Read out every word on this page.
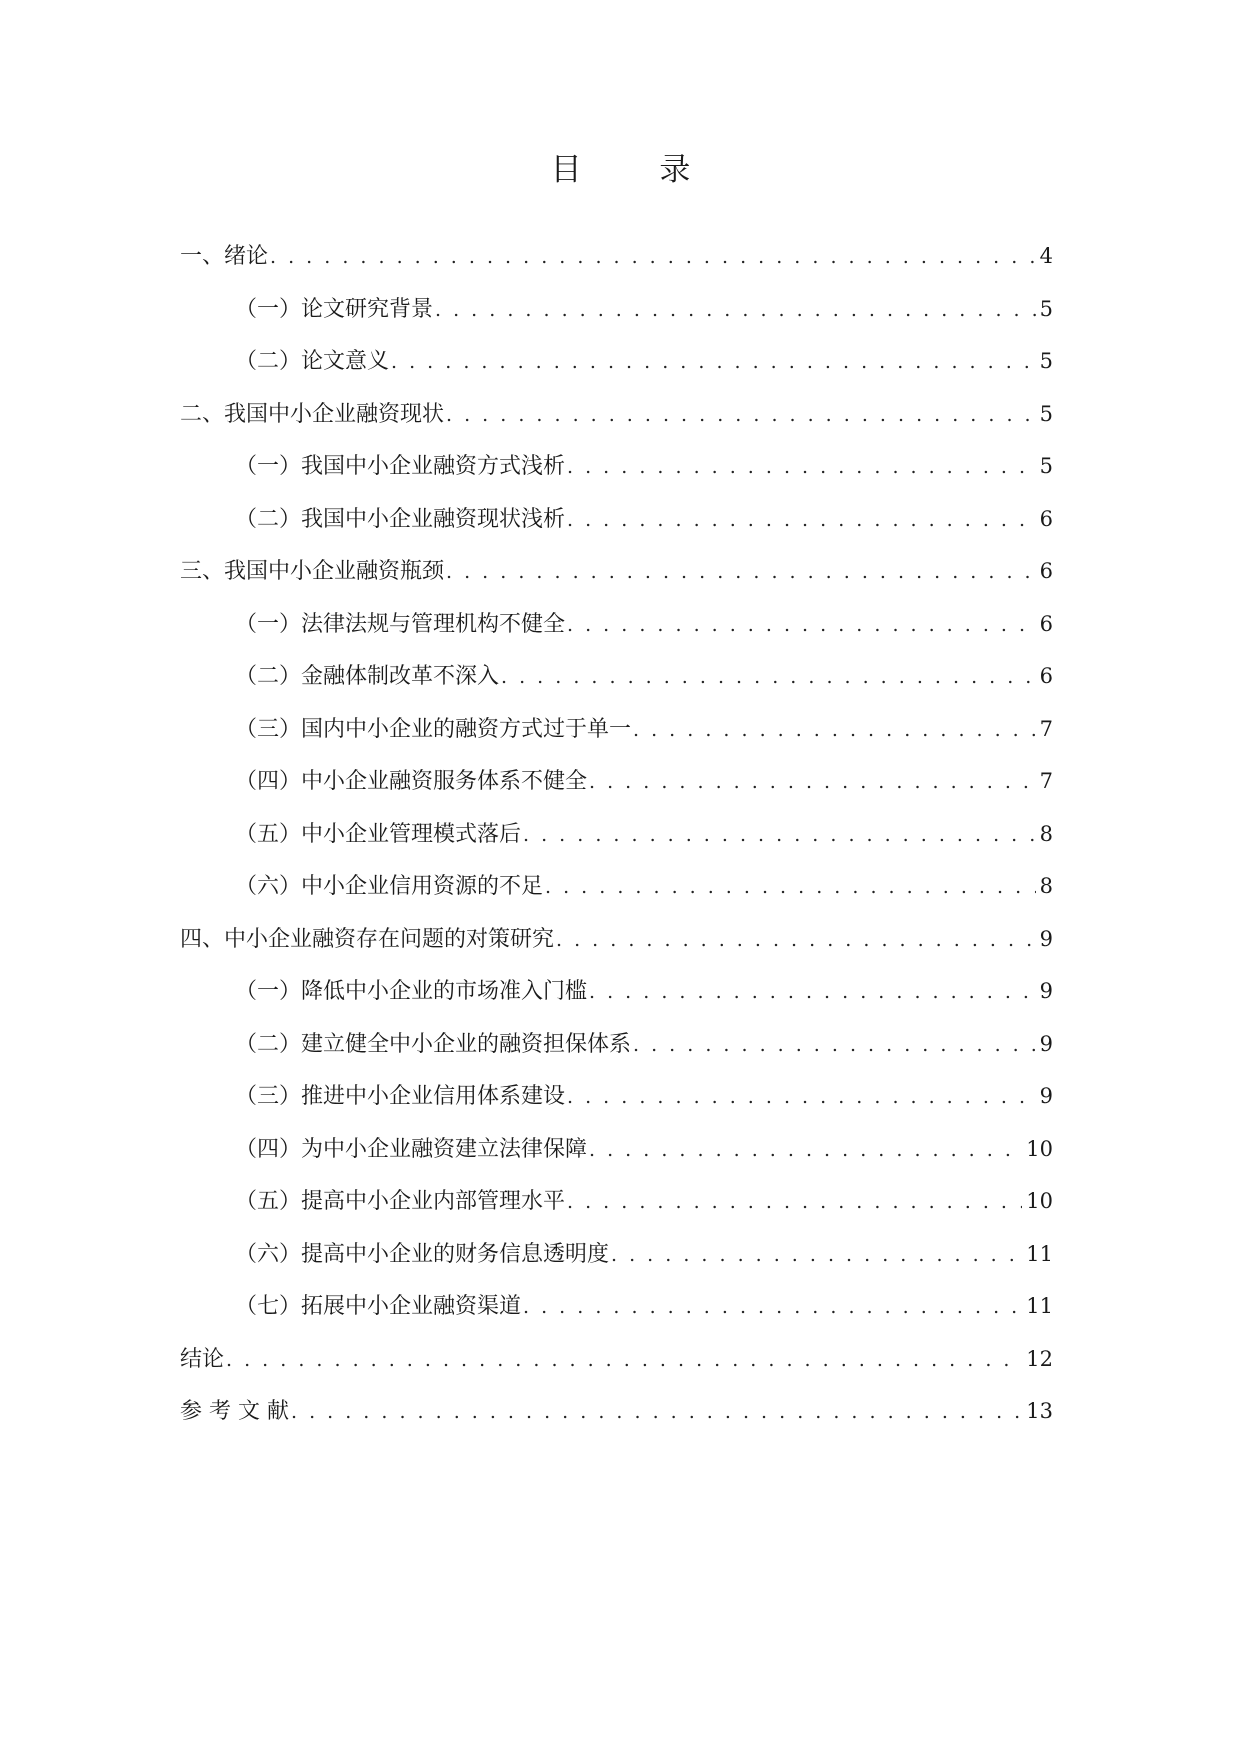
目 录
一、绪论 . . .	4
（一）论文研究背景 . . .	5
（二）论文意义 . . .	5
二、我国中小企业融资现状 . . .	5
（一）我国中小企业融资方式浅析 . . .	5
（二）我国中小企业融资现状浅析 . . .	6
三、我国中小企业融资瓶颈 . . .	6
（一）法律法规与管理机构不健全 . . .	6
（二）金融体制改革不深入 . . .	6
（三）国内中小企业的融资方式过于单一 . . .	7
（四）中小企业融资服务体系不健全 . . .	7
（五）中小企业管理模式落后 . . .	8
（六）中小企业信用资源的不足 . . .	8
四、中小企业融资存在问题的对策研究 . . .	9
（一）降低中小企业的市场准入门槛 . . .	9
（二）建立健全中小企业的融资担保体系 . . .	9
（三）推进中小企业信用体系建设 . . .	9
（四）为中小企业融资建立法律保障 . . .	10
（五）提高中小企业内部管理水平 . . .	10
（六）提高中小企业的财务信息透明度 . . .	11
（七）拓展中小企业融资渠道 . . .	11
结论 . . .	12
参 考 文 献 . . .	13
